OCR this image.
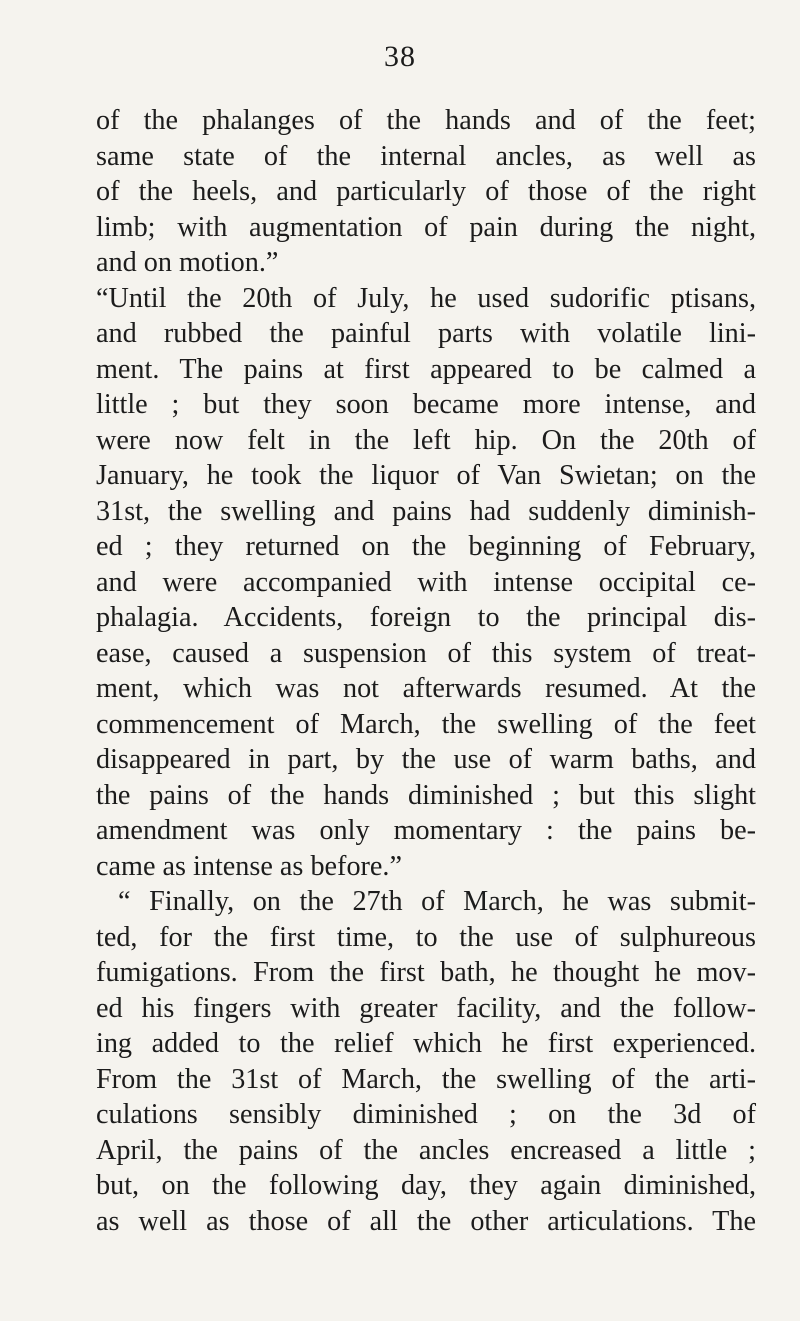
38
of the phalanges of the hands and of the feet;
same state of the internal ancles, as well as
of the heels, and particularly of those of the right
limb; with augmentation of pain during the night,
and on motion.”
“Until the 20th of July, he used sudorific ptisans,
and rubbed the painful parts with volatile lini-
ment. The pains at first appeared to be calmed a
little ; but they soon became more intense, and
were now felt in the left hip. On the 20th of
January, he took the liquor of Van Swietan; on the
31st, the swelling and pains had suddenly diminish-
ed ; they returned on the beginning of February,
and were accompanied with intense occipital ce-
phalagia. Accidents, foreign to the principal dis-
ease, caused a suspension of this system of treat-
ment, which was not afterwards resumed. At the
commencement of March, the swelling of the feet
disappeared in part, by the use of warm baths, and
the pains of the hands diminished ; but this slight
amendment was only momentary : the pains be-
came as intense as before.”
“ Finally, on the 27th of March, he was submit-
ted, for the first time, to the use of sulphureous
fumigations. From the first bath, he thought he mov-
ed his fingers with greater facility, and the follow-
ing added to the relief which he first experienced.
From the 31st of March, the swelling of the arti-
culations sensibly diminished ; on the 3d of
April, the pains of the ancles encreased a little ;
but, on the following day, they again diminished,
as well as those of all the other articulations. The
